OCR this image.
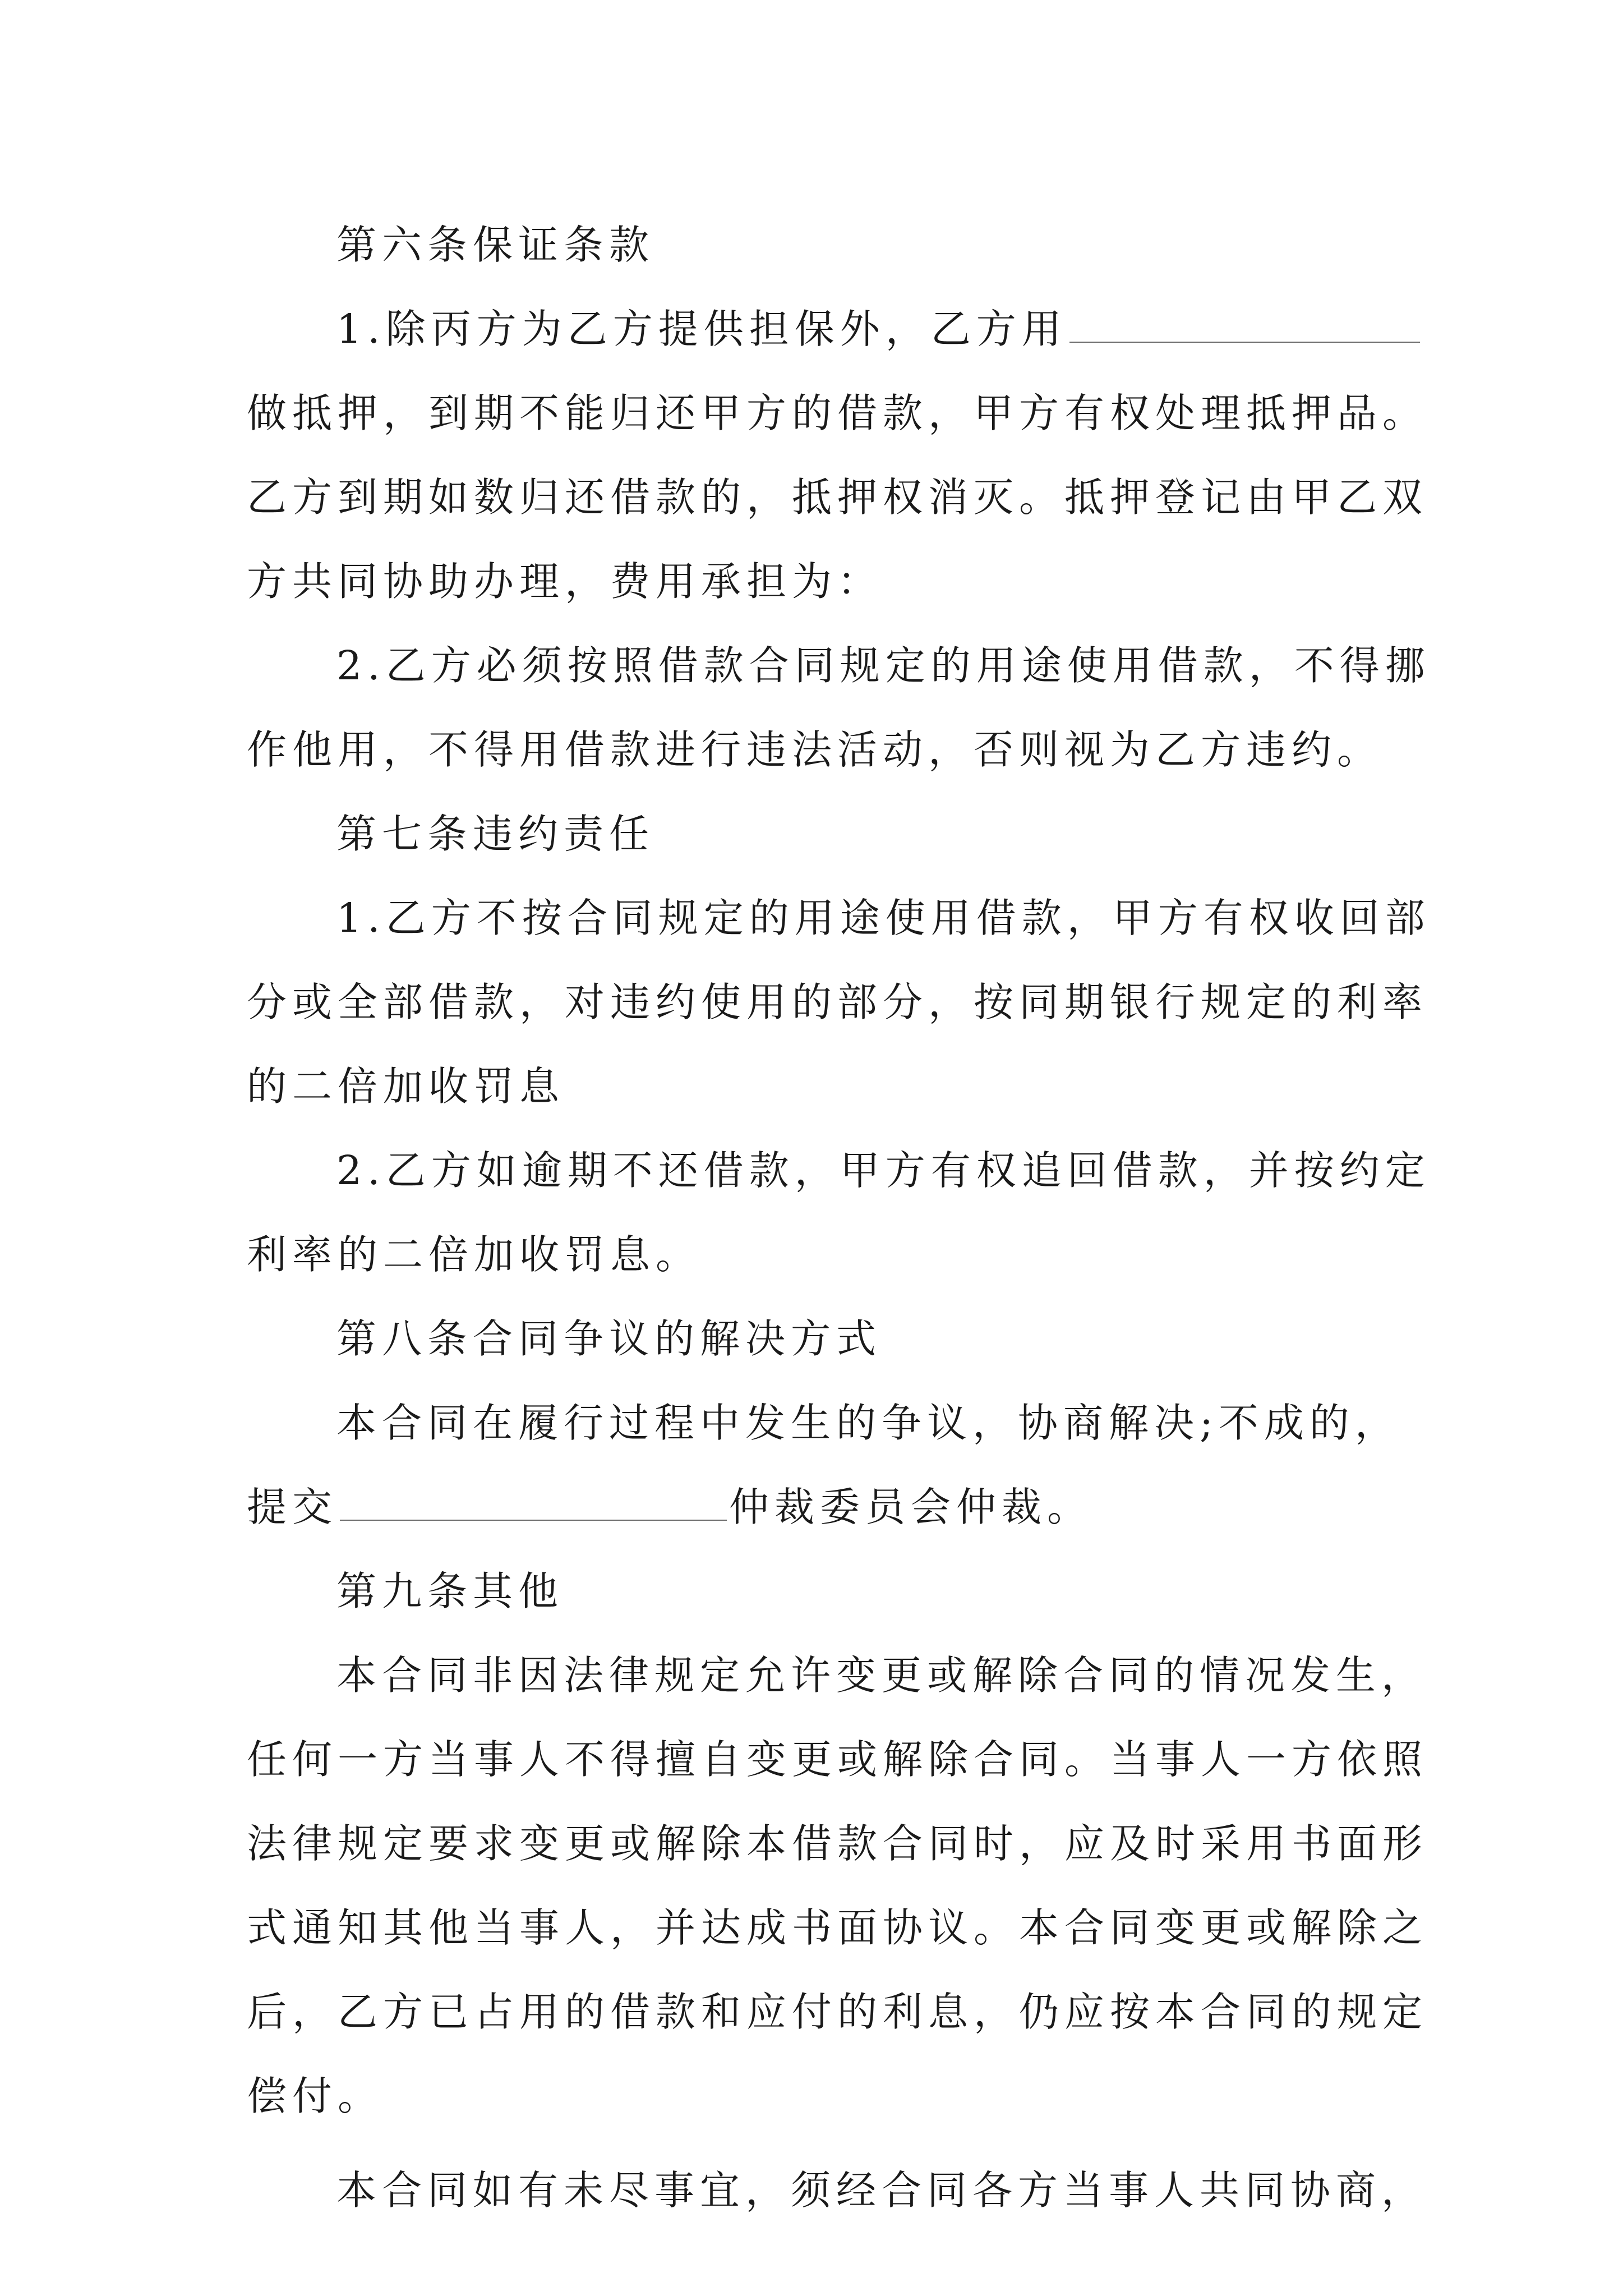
第六条保证条款
1.除丙方为乙方提供担保外，乙方用
做抵押，到期不能归还甲方的借款，甲方有权处理抵押品。
乙方到期如数归还借款的，抵押权消灭。抵押登记由甲乙双
方共同协助办理，费用承担为：
2.乙方必须按照借款合同规定的用途使用借款，不得挪
作他用，不得用借款进行违法活动，否则视为乙方违约。
第七条违约责任
1.乙方不按合同规定的用途使用借款，甲方有权收回部
分或全部借款，对违约使用的部分，按同期银行规定的利率
的二倍加收罚息
2.乙方如逾期不还借款，甲方有权追回借款，并按约定
利率的二倍加收罚息。
第八条合同争议的解决方式
本合同在履行过程中发生的争议，协商解决;不成的，
提交	仲裁委员会仲裁。
第九条其他
本合同非因法律规定允许变更或解除合同的情况发生，
任何一方当事人不得擅自变更或解除合同。当事人一方依照
法律规定要求变更或解除本借款合同时，应及时采用书面形
式通知其他当事人，并达成书面协议。本合同变更或解除之
后，乙方已占用的借款和应付的利息，仍应按本合同的规定
偿付。
本合同如有未尽事宜，须经合同各方当事人共同协商，
